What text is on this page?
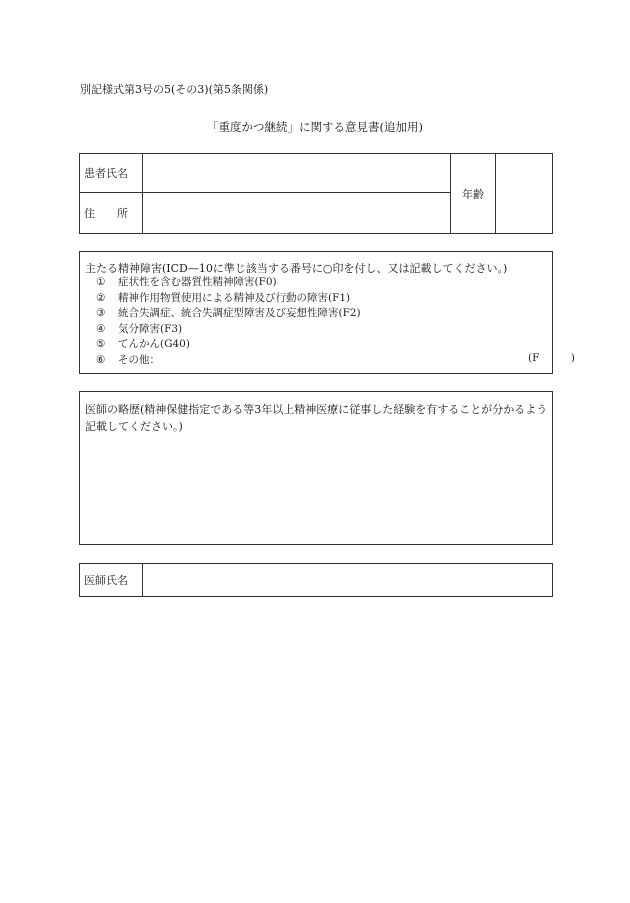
別記様式第3号の5(その3)(第5条関係)
「重度かつ継続」に関する意見書(追加用)
患者氏名		年齢	
住　　所			
主たる精神障害(ICD—10に準じ該当する番号に○印を付し、又は記載してください。)
① 症状性を含む器質性精神障害(F0)
② 精神作用物質使用による精神及び行動の障害(F1)
③ 統合失調症、統合失調症型障害及び妄想性障害(F2)
④ 気分障害(F3)
⑤ てんかん(G40)
⑥ その他：	(F　　　)
医師の略歴(精神保健指定である等3年以上精神医療に従事した経験を有することが分かるよう記載してください。)
医師氏名	
